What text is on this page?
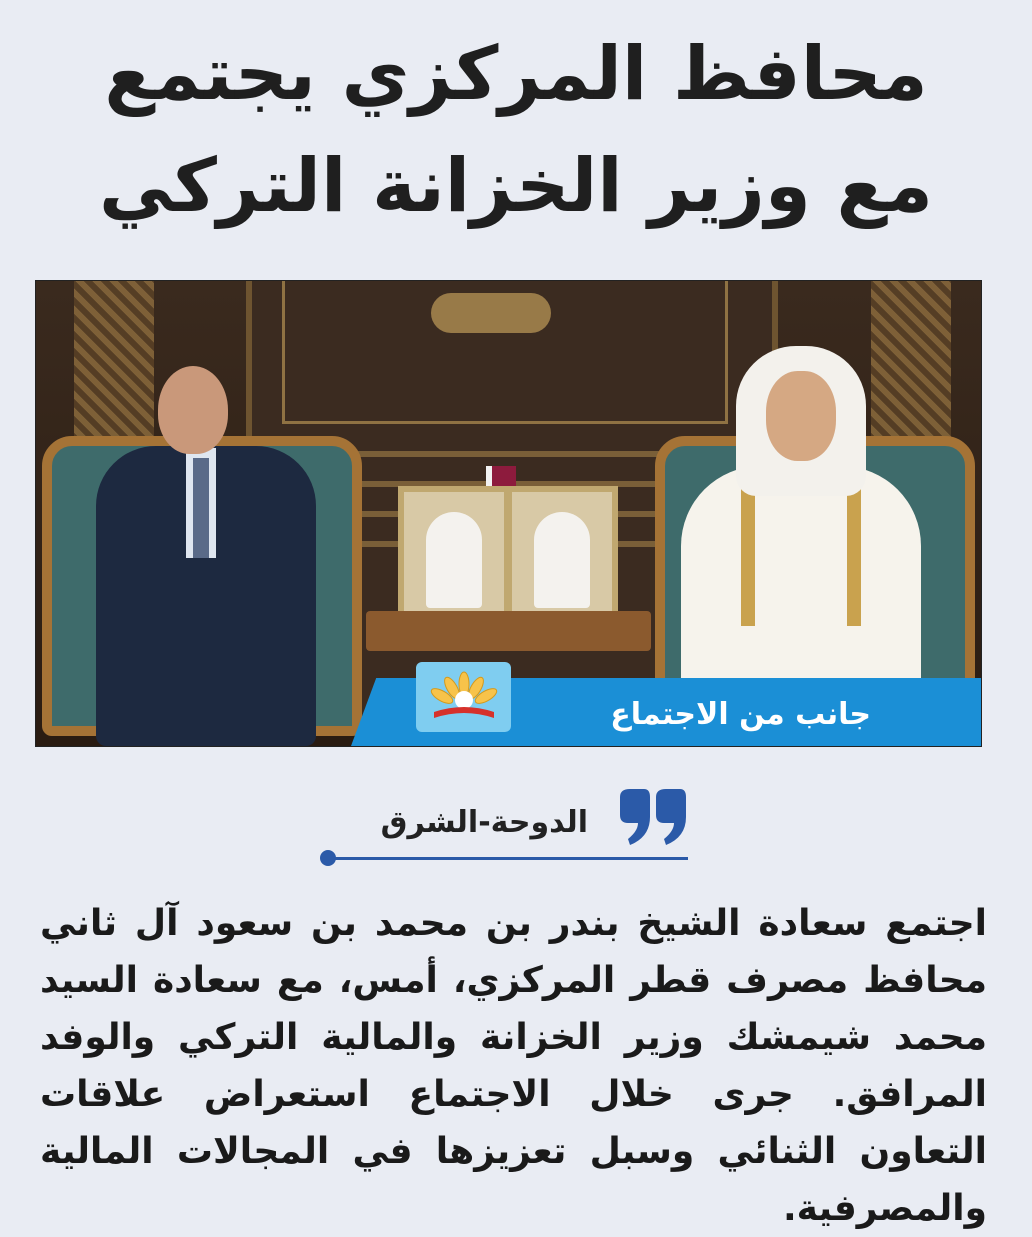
محافظ المركزي يجتمع
مع وزير الخزانة التركي
جانب من الاجتماع
الدوحة-الشرق
اجتمع سعادة الشيخ بندر بن محمد بن سعود آل ثاني محافظ مصرف قطر المركزي، أمس، مع سعادة السيد محمد شيمشك وزير الخزانة والمالية التركي والوفد المرافق. جرى خلال الاجتماع استعراض علاقات التعاون الثنائي وسبل تعزيزها في المجالات المالية والمصرفية.
